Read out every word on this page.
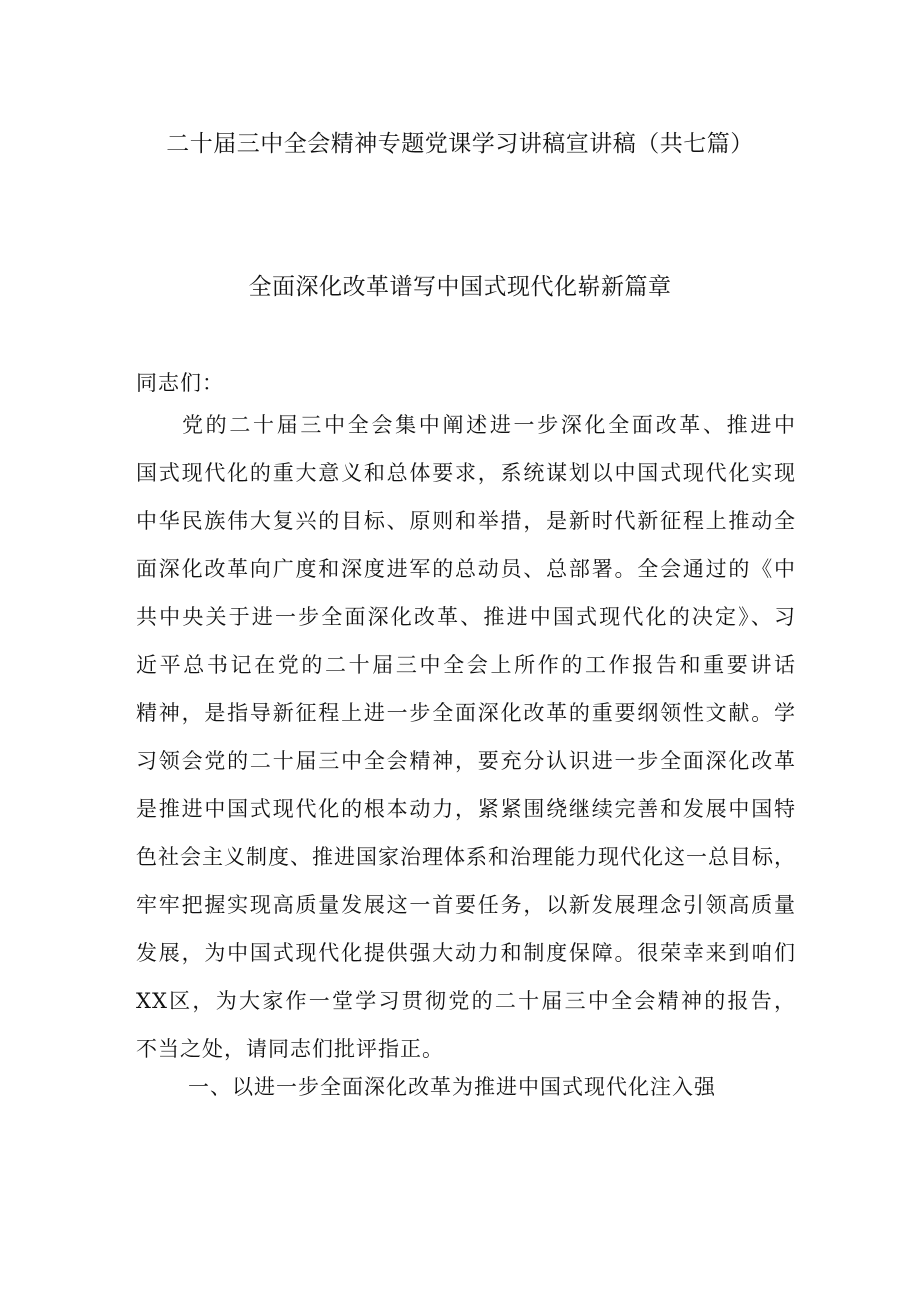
二十届三中全会精神专题党课学习讲稿宣讲稿（共七篇）
全面深化改革谱写中国式现代化崭新篇章
同志们：
党的二十届三中全会集中阐述进一步深化全面改革、推进中
国式现代化的重大意义和总体要求，系统谋划以中国式现代化实现
中华民族伟大复兴的目标、原则和举措，是新时代新征程上推动全
面深化改革向广度和深度进军的总动员、总部署。全会通过的《中
共中央关于进一步全面深化改革、推进中国式现代化的决定》、习
近平总书记在党的二十届三中全会上所作的工作报告和重要讲话
精神，是指导新征程上进一步全面深化改革的重要纲领性文献。学
习领会党的二十届三中全会精神，要充分认识进一步全面深化改革
是推进中国式现代化的根本动力，紧紧围绕继续完善和发展中国特
色社会主义制度、推进国家治理体系和治理能力现代化这一总目标，
牢牢把握实现高质量发展这一首要任务，以新发展理念引领高质量
发展，为中国式现代化提供强大动力和制度保障。很荣幸来到咱们
XX区，为大家作一堂学习贯彻党的二十届三中全会精神的报告，
不当之处，请同志们批评指正。
一、以进一步全面深化改革为推进中国式现代化注入强
